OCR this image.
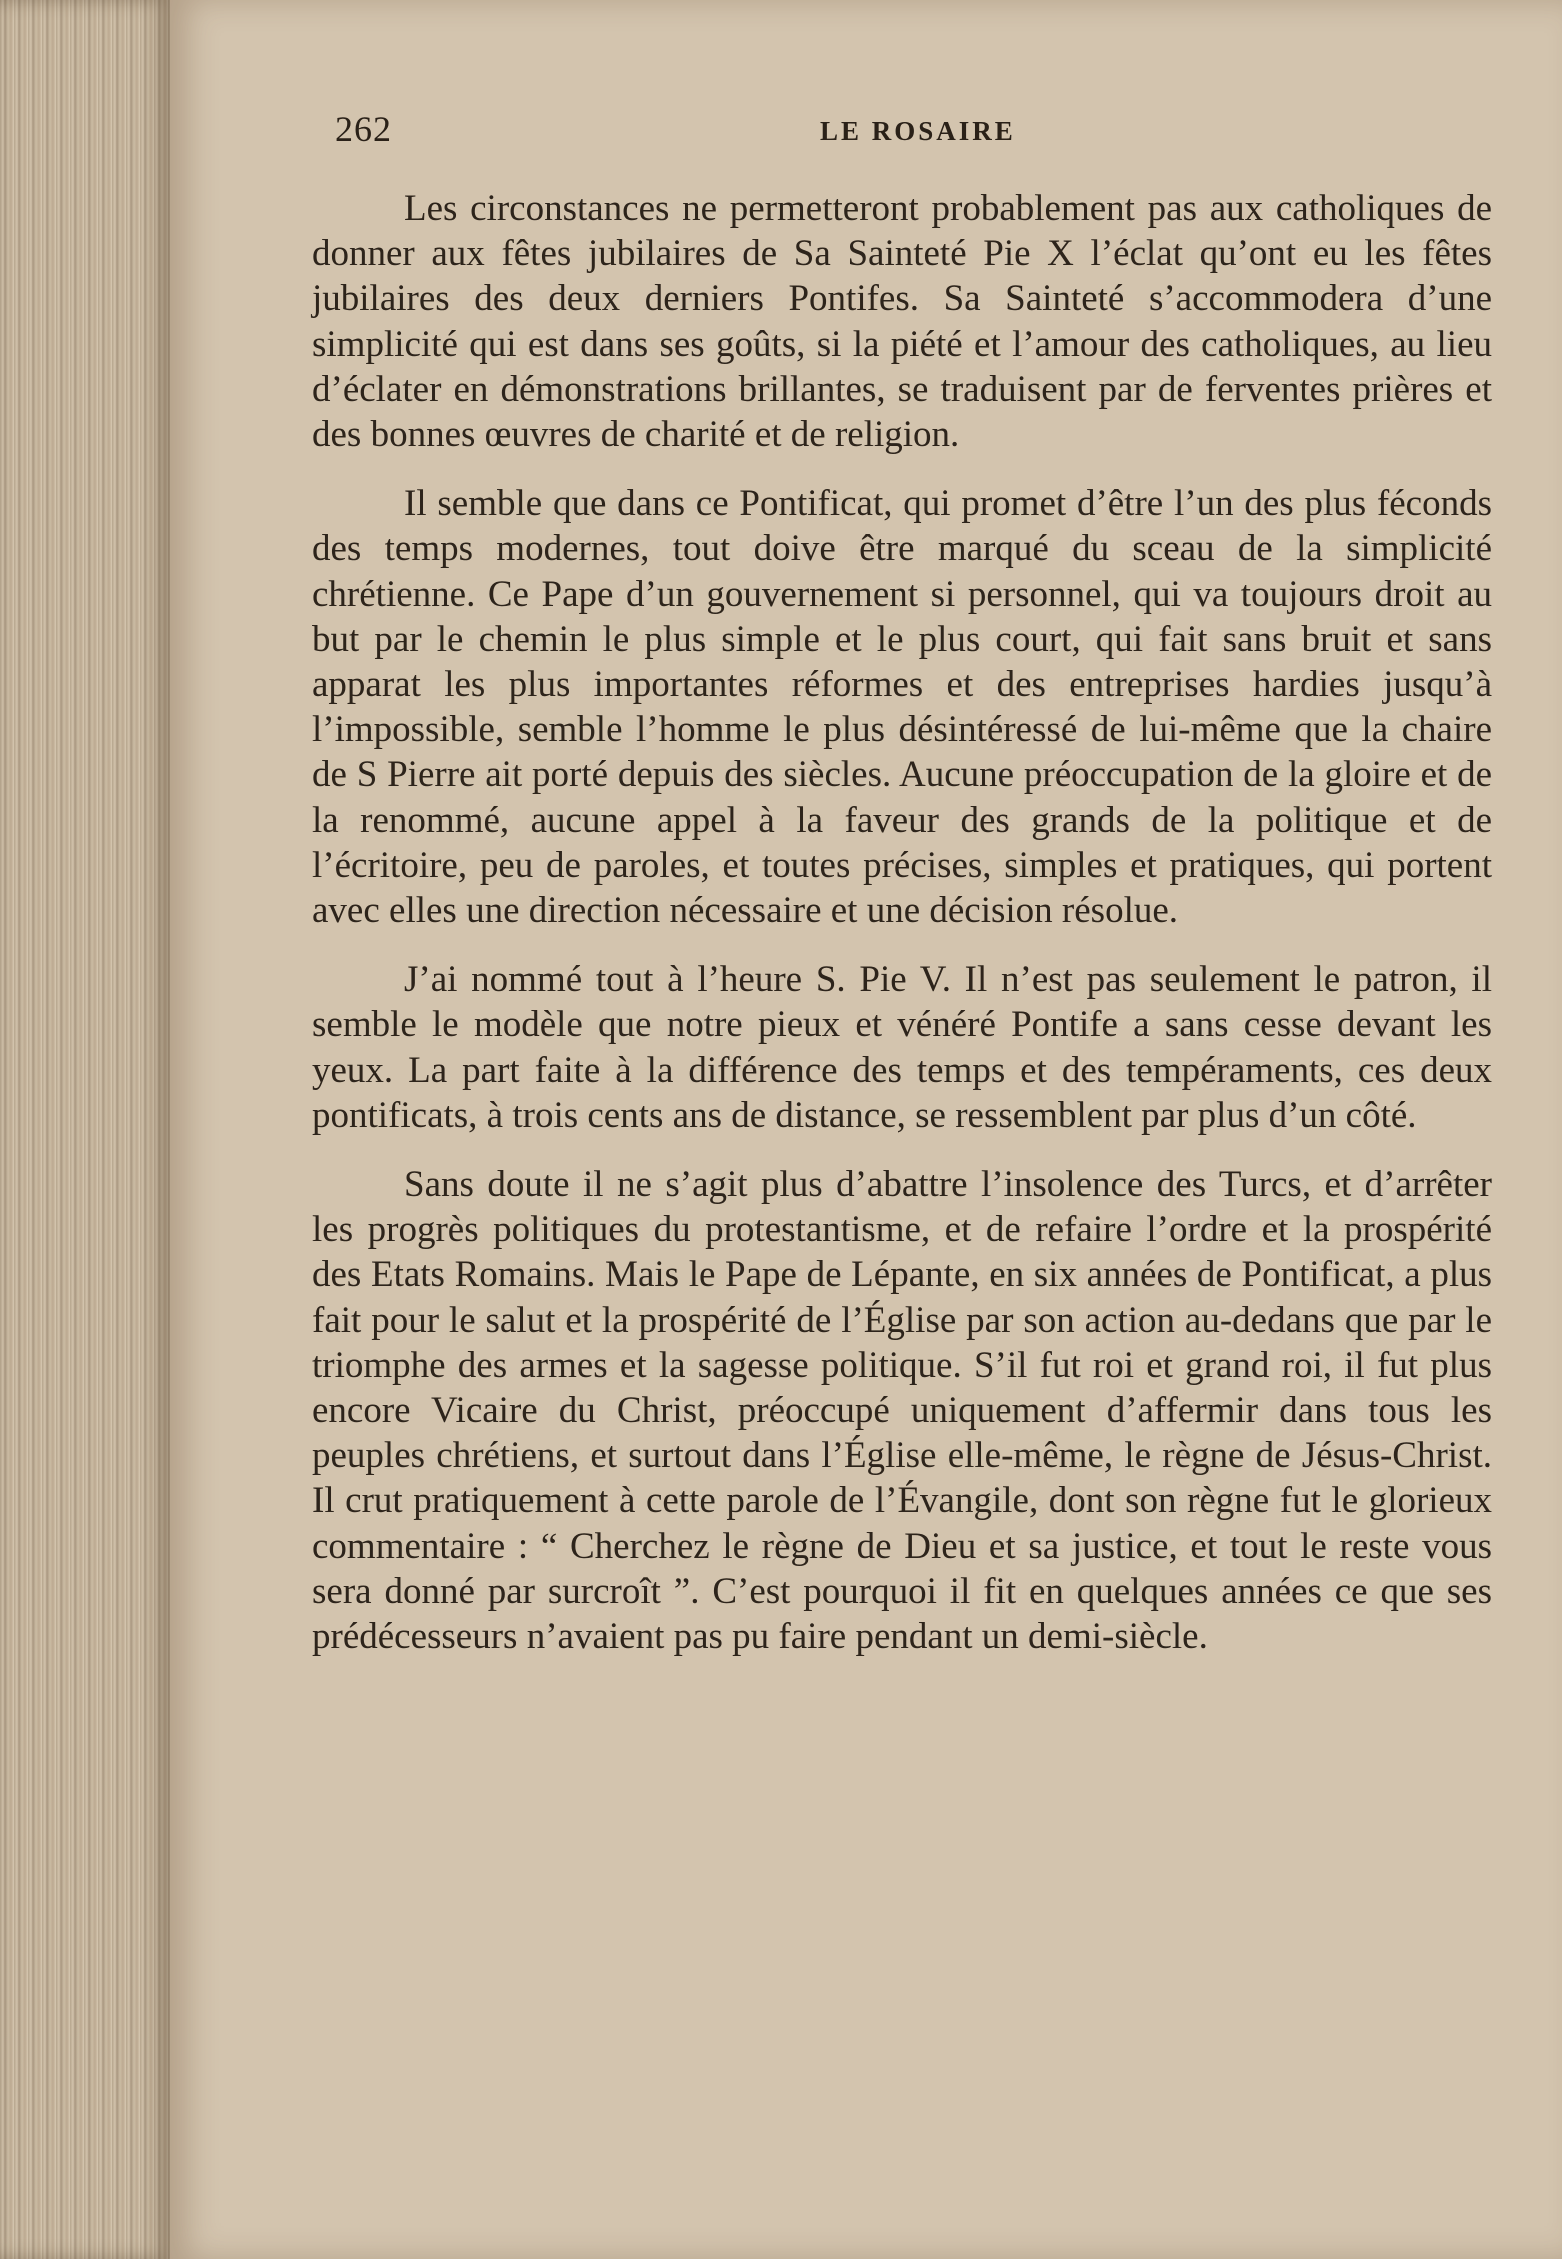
262	LE ROSAIRE

Les circonstances ne permetteront probablement pas aux catholiques de donner aux fêtes jubilaires de Sa Sainteté Pie X l’éclat qu’ont eu les fêtes jubilaires des deux derniers Pontifes. Sa Sainteté s’accommodera d’une simplicité qui est dans ses goûts, si la piété et l’amour des catholiques, au lieu d’éclater en démonstrations brillantes, se traduisent par de ferventes prières et des bonnes œuvres de charité et de religion.

Il semble que dans ce Pontificat, qui promet d’être l’un des plus féconds des temps modernes, tout doive être marqué du sceau de la simplicité chrétienne. Ce Pape d’un gouvernement si personnel, qui va toujours droit au but par le chemin le plus simple et le plus court, qui fait sans bruit et sans apparat les plus importantes réformes et des entreprises hardies jusqu’à l’impossible, semble l’homme le plus désintéressé de lui-même que la chaire de S Pierre ait porté depuis des siècles. Aucune préoccupation de la gloire et de la renommé, aucune appel à la faveur des grands de la politique et de l’écritoire, peu de paroles, et toutes précises, simples et pratiques, qui portent avec elles une direction nécessaire et une décision résolue.

J’ai nommé tout à l’heure S. Pie V. Il n’est pas seulement le patron, il semble le modèle que notre pieux et vénéré Pontife a sans cesse devant les yeux. La part faite à la différence des temps et des tempéraments, ces deux pontificats, à trois cents ans de distance, se ressemblent par plus d’un côté.

Sans doute il ne s’agit plus d’abattre l’insolence des Turcs, et d’arrêter les progrès politiques du protestantisme, et de refaire l’ordre et la prospérité des Etats Romains. Mais le Pape de Lépante, en six années de Pontificat, a plus fait pour le salut et la prospérité de l’Église par son action au-dedans que par le triomphe des armes et la sagesse politique. S’il fut roi et grand roi, il fut plus encore Vicaire du Christ, préoccupé uniquement d’affermir dans tous les peuples chrétiens, et surtout dans l’Église elle-même, le règne de Jésus-Christ. Il crut pratiquement à cette parole de l’Évangile, dont son règne fut le glorieux commentaire : “ Cherchez le règne de Dieu et sa justice, et tout le reste vous sera donné par surcroît ”. C’est pourquoi il fit en quelques années ce que ses prédécesseurs n’avaient pas pu faire pendant un demi-siècle.
